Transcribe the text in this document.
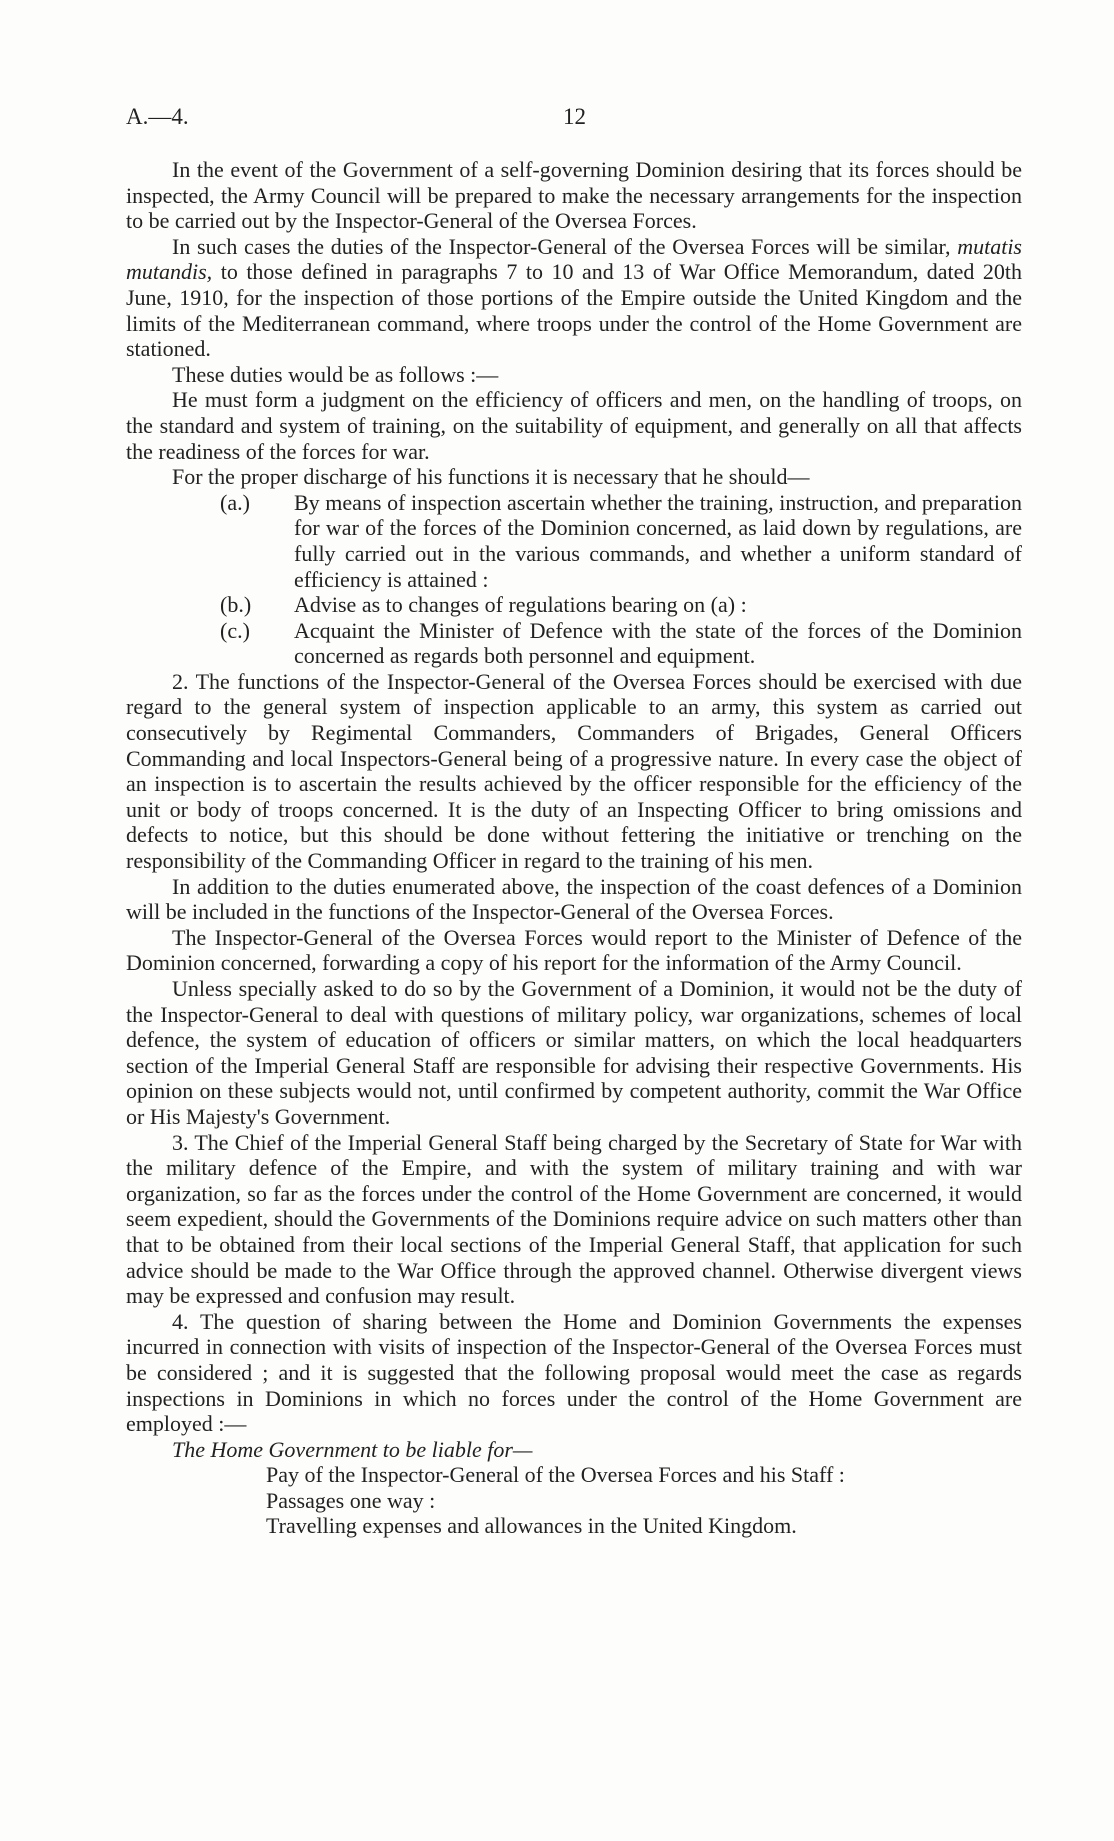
A.—4.	12

In the event of the Government of a self-governing Dominion desiring that its forces should be inspected, the Army Council will be prepared to make the necessary arrangements for the inspection to be carried out by the Inspector-General of the Oversea Forces.

In such cases the duties of the Inspector-General of the Oversea Forces will be similar, mutatis mutandis, to those defined in paragraphs 7 to 10 and 13 of War Office Memorandum, dated 20th June, 1910, for the inspection of those portions of the Empire outside the United Kingdom and the limits of the Mediterranean command, where troops under the control of the Home Government are stationed.

These duties would be as follows :—

He must form a judgment on the efficiency of officers and men, on the handling of troops, on the standard and system of training, on the suitability of equipment, and generally on all that affects the readiness of the forces for war.

For the proper discharge of his functions it is necessary that he should—

(a.) By means of inspection ascertain whether the training, instruction, and preparation for war of the forces of the Dominion concerned, as laid down by regulations, are fully carried out in the various commands, and whether a uniform standard of efficiency is attained :
(b.) Advise as to changes of regulations bearing on (a) :
(c.) Acquaint the Minister of Defence with the state of the forces of the Dominion concerned as regards both personnel and equipment.

2. The functions of the Inspector-General of the Oversea Forces should be exercised with due regard to the general system of inspection applicable to an army, this system as carried out consecutively by Regimental Commanders, Commanders of Brigades, General Officers Commanding and local Inspectors-General being of a progressive nature. In every case the object of an inspection is to ascertain the results achieved by the officer responsible for the efficiency of the unit or body of troops concerned. It is the duty of an Inspecting Officer to bring omissions and defects to notice, but this should be done without fettering the initiative or trenching on the responsibility of the Commanding Officer in regard to the training of his men.

In addition to the duties enumerated above, the inspection of the coast defences of a Dominion will be included in the functions of the Inspector-General of the Oversea Forces.

The Inspector-General of the Oversea Forces would report to the Minister of Defence of the Dominion concerned, forwarding a copy of his report for the information of the Army Council.

Unless specially asked to do so by the Government of a Dominion, it would not be the duty of the Inspector-General to deal with questions of military policy, war organizations, schemes of local defence, the system of education of officers or similar matters, on which the local headquarters section of the Imperial General Staff are responsible for advising their respective Governments. His opinion on these subjects would not, until confirmed by competent authority, commit the War Office or His Majesty's Government.

3. The Chief of the Imperial General Staff being charged by the Secretary of State for War with the military defence of the Empire, and with the system of military training and with war organization, so far as the forces under the control of the Home Government are concerned, it would seem expedient, should the Governments of the Dominions require advice on such matters other than that to be obtained from their local sections of the Imperial General Staff, that application for such advice should be made to the War Office through the approved channel. Otherwise divergent views may be expressed and confusion may result.

4. The question of sharing between the Home and Dominion Governments the expenses incurred in connection with visits of inspection of the Inspector-General of the Oversea Forces must be considered ; and it is suggested that the following proposal would meet the case as regards inspections in Dominions in which no forces under the control of the Home Government are employed :—

The Home Government to be liable for—

Pay of the Inspector-General of the Oversea Forces and his Staff :

Passages one way :

Travelling expenses and allowances in the United Kingdom.
